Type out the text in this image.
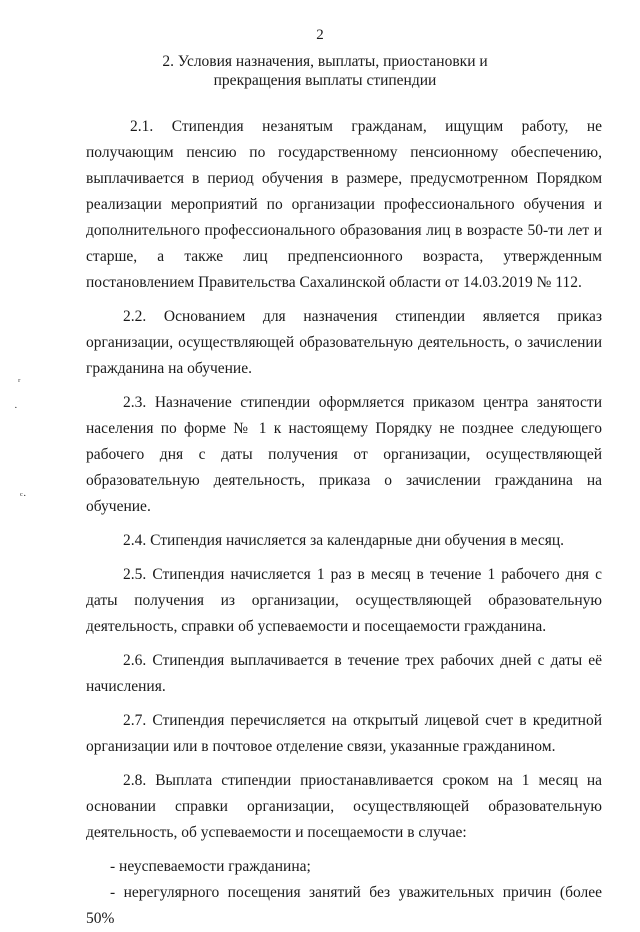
2
2. Условия назначения, выплаты, приостановки и
прекращения выплаты стипендии
ʳ
·
ᶜ·

2.1. Стипендия незанятым гражданам, ищущим работу, не получающим пенсию по государственному пенсионному обеспечению, выплачивается в период обучения в размере, предусмотренном Порядком реализации мероприятий по организации профессионального обучения и дополнительного профессионального образования лиц в возрасте 50-ти лет и старше, а также лиц предпенсионного возраста, утвержденным постановлением Правительства Сахалинской области от 14.03.2019 № 112.

2.2. Основанием для назначения стипендии является приказ организации, осуществляющей образовательную деятельность, о зачислении гражданина на обучение.

2.3. Назначение стипендии оформляется приказом центра занятости населения по форме № 1 к настоящему Порядку не позднее следующего рабочего дня с даты получения от организации, осуществляющей образовательную деятельность, приказа о зачислении гражданина на обучение.

2.4. Стипендия начисляется за календарные дни обучения в месяц.

2.5. Стипендия начисляется 1 раз в месяц в течение 1 рабочего дня с даты получения из организации, осуществляющей образовательную деятельность, справки об успеваемости и посещаемости гражданина.

2.6. Стипендия выплачивается в течение трех рабочих дней с даты её начисления.

2.7. Стипендия перечисляется на открытый лицевой счет в кредитной организации или в почтовое отделение связи, указанные гражданином.

2.8. Выплата стипендии приостанавливается сроком на 1 месяц на основании справки организации, осуществляющей образовательную деятельность, об успеваемости и посещаемости в случае:

- неуспеваемости гражданина;

- нерегулярного посещения занятий без уважительных причин (более 50%
